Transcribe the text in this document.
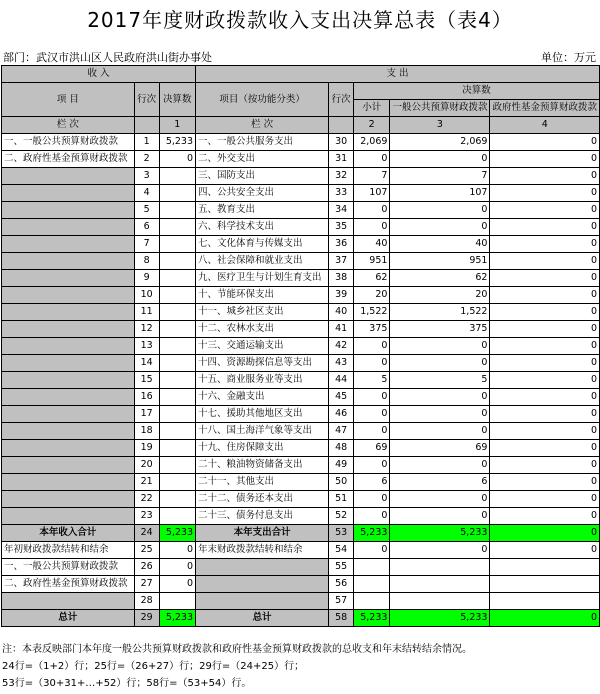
2017年度财政拨款收入支出决算总表（表4）
部门：武汉市洪山区人民政府洪山街办事处	单位：万元
收 入			支 出				
项 目	行次	决算数	项目（按功能分类）	行次	决算数		
					小计	一般公共预算财政拨款	政府性基金预算财政拨款
栏 次		1	栏 次		2	3	4
一、一般公共预算财政拨款	1	5,233	一、一般公共服务支出	30	2,069	2,069	0
二、政府性基金预算财政拨款	2	0	二、外交支出	31	0	0	0
	3		三、国防支出	32	7	7	0
	4		四、公共安全支出	33	107	107	0
	5		五、教育支出	34	0	0	0
	6		六、科学技术支出	35	0	0	0
	7		七、文化体育与传媒支出	36	40	40	0
	8		八、社会保障和就业支出	37	951	951	0
	9		九、医疗卫生与计划生育支出	38	62	62	0
	10		十、节能环保支出	39	20	20	0
	11		十一、城乡社区支出	40	1,522	1,522	0
	12		十二、农林水支出	41	375	375	0
	13		十三、交通运输支出	42	0	0	0
	14		十四、资源勘探信息等支出	43	0	0	0
	15		十五、商业服务业等支出	44	5	5	0
	16		十六、金融支出	45	0	0	0
	17		十七、援助其他地区支出	46	0	0	0
	18		十八、国土海洋气象等支出	47	0	0	0
	19		十九、住房保障支出	48	69	69	0
	20		二十、粮油物资储备支出	49	0	0	0
	21		二十一、其他支出	50	6	6	0
	22		二十二、债务还本支出	51	0	0	0
	23		二十三、债务付息支出	52	0	0	0
本年收入合计	24	5,233	本年支出合计	53	5,233	5,233	0
年初财政拨款结转和结余	25	0	年末财政拨款结转和结余	54	0	0	0
一、一般公共预算财政拨款	26	0		55			
二、政府性基金预算财政拨款	27	0		56			
	28			57			
总计	29	5,233	总计	58	5,233	5,233	0
注：本表反映部门本年度一般公共预算财政拨款和政府性基金预算财政拨款的总收支和年末结转结余情况。
24行=（1+2）行；25行=（26+27）行；29行=（24+25）行；
53行=（30+31+…+52）行；58行=（53+54）行。
